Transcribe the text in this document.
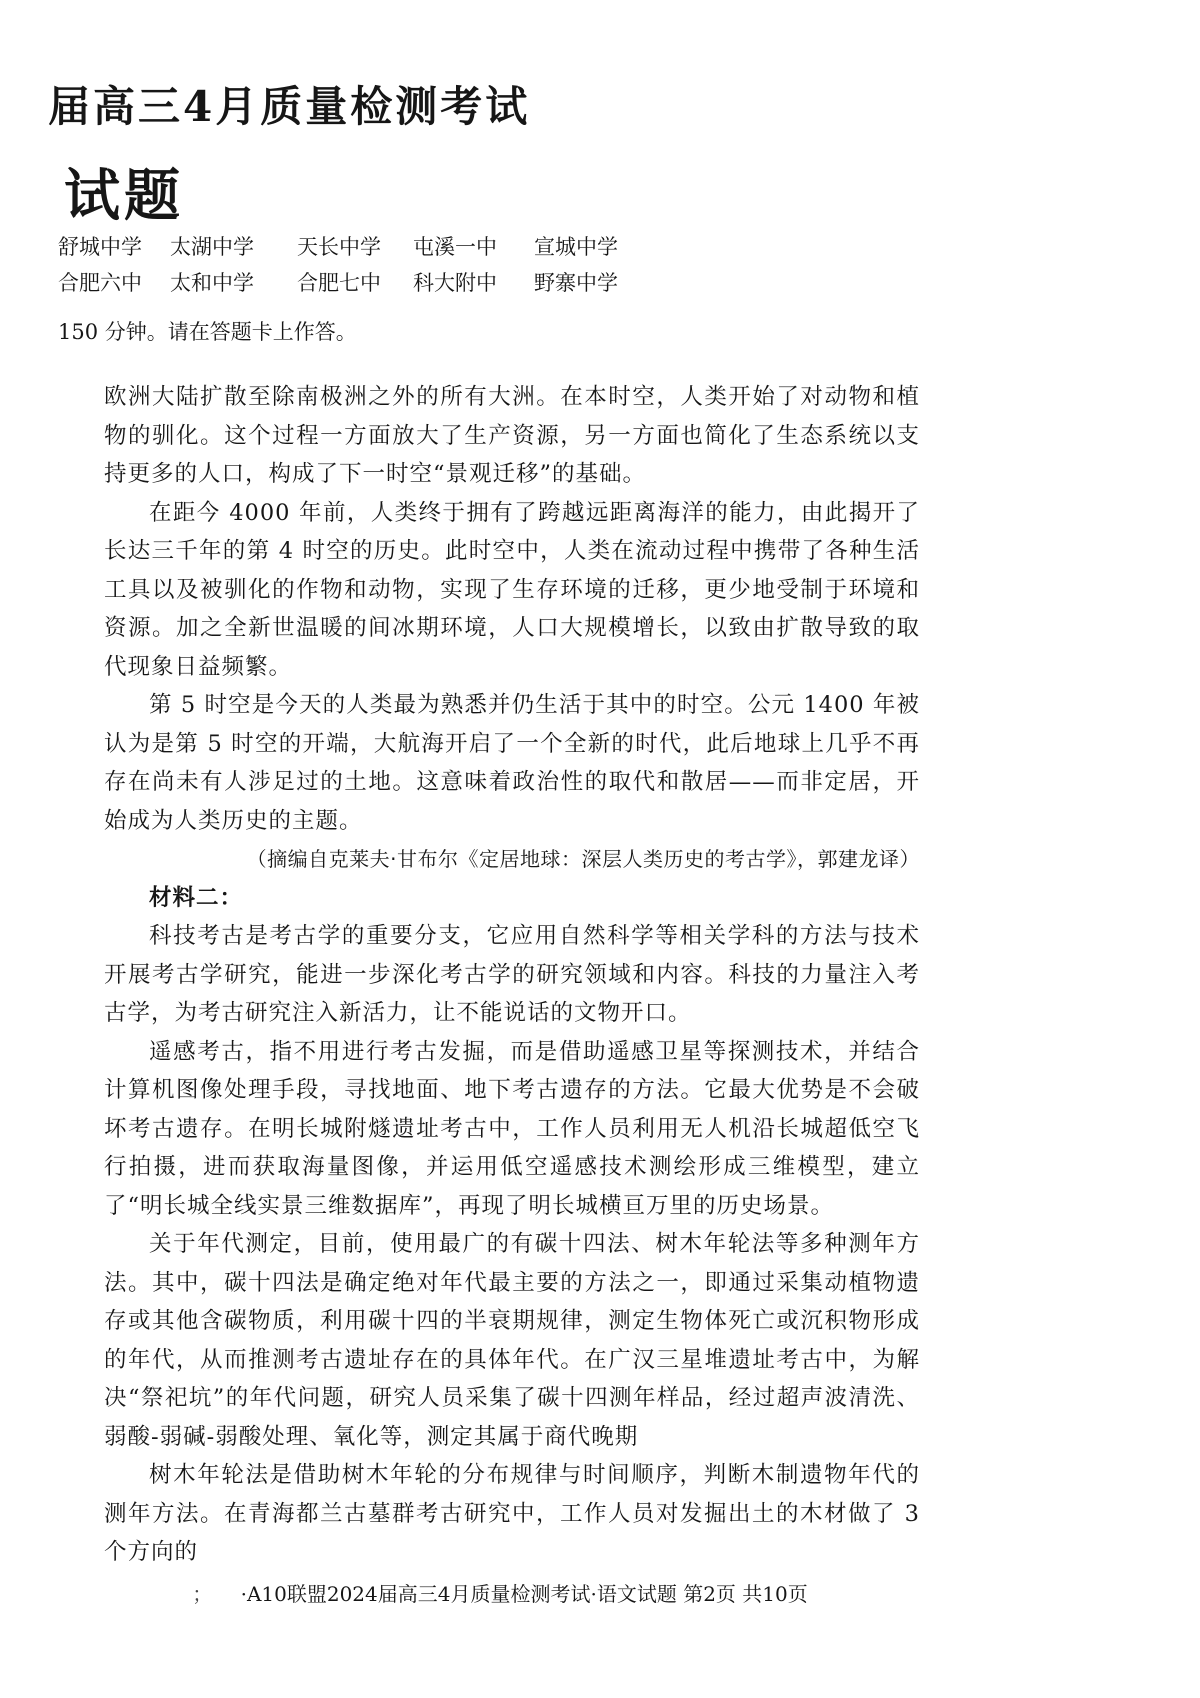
届高三4月质量检测考试
试题
舒城中学	太湖中学	天长中学	屯溪一中	宣城中学
合肥六中	太和中学	合肥七中	科大附中	野寨中学
150 分钟。请在答题卡上作答。

欧洲大陆扩散至除南极洲之外的所有大洲。在本时空，人类开始了对动物和植物的驯化。这个过程一方面放大了生产资源，另一方面也简化了生态系统以支持更多的人口，构成了下一时空“景观迁移”的基础。

在距今 4000 年前，人类终于拥有了跨越远距离海洋的能力，由此揭开了长达三千年的第 4 时空的历史。此时空中，人类在流动过程中携带了各种生活工具以及被驯化的作物和动物，实现了生存环境的迁移，更少地受制于环境和资源。加之全新世温暖的间冰期环境，人口大规模增长，以致由扩散导致的取代现象日益频繁。

第 5 时空是今天的人类最为熟悉并仍生活于其中的时空。公元 1400 年被认为是第 5 时空的开端，大航海开启了一个全新的时代，此后地球上几乎不再存在尚未有人涉足过的土地。这意味着政治性的取代和散居——而非定居，开始成为人类历史的主题。

（摘编自克莱夫·甘布尔《定居地球：深层人类历史的考古学》，郭建龙译）

材料二：

科技考古是考古学的重要分支，它应用自然科学等相关学科的方法与技术开展考古学研究，能进一步深化考古学的研究领域和内容。科技的力量注入考古学，为考古研究注入新活力，让不能说话的文物开口。

遥感考古，指不用进行考古发掘，而是借助遥感卫星等探测技术，并结合计算机图像处理手段，寻找地面、地下考古遗存的方法。它最大优势是不会破坏考古遗存。在明长城附燧遗址考古中，工作人员利用无人机沿长城超低空飞行拍摄，进而获取海量图像，并运用低空遥感技术测绘形成三维模型，建立了“明长城全线实景三维数据库”，再现了明长城横亘万里的历史场景。

关于年代测定，目前，使用最广的有碳十四法、树木年轮法等多种测年方法。其中，碳十四法是确定绝对年代最主要的方法之一，即通过采集动植物遗存或其他含碳物质，利用碳十四的半衰期规律，测定生物体死亡或沉积物形成的年代，从而推测考古遗址存在的具体年代。在广汉三星堆遗址考古中，为解决“祭祀坑”的年代问题，研究人员采集了碳十四测年样品，经过超声波清洗、弱酸-弱碱-弱酸处理、氧化等，测定其属于商代晚期

树木年轮法是借助树木年轮的分布规律与时间顺序，判断木制遗物年代的测年方法。在青海都兰古墓群考古研究中，工作人员对发掘出土的木材做了 3 个方向的

； ·A10联盟2024届高三4月质量检测考试·语文试题 第2页 共10页
